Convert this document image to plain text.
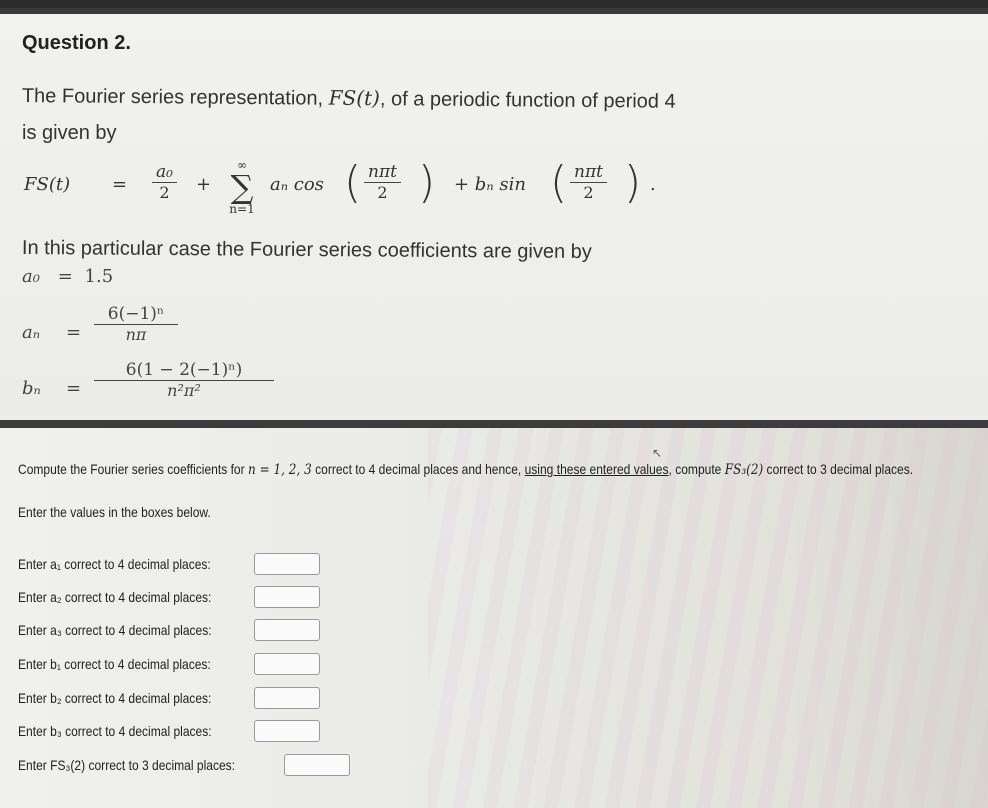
Question 2.
The Fourier series representation, FS(t), of a periodic function of period 4
is given by
$FS(t) = \frac{\text{a₀}}{2}$ +
∞
∑
n=1
aₙ cos ( nπt
2 ) + bₙ sin ( nπt
2 ) .
In this particular case the Fourier series coefficients are given by
a₀ = 1.5
$a_n = \frac{\text{6(−1)ⁿ}}{n\pi}$
$b_n = \frac{\text{6(1 − 2(−1)ⁿ)}}{\text{n²π²}}$
Compute the Fourier series coefficients for n = 1, 2, 3 correct to 4 decimal places and hence, using these entered values, compute FS₃(2) correct to 3 decimal places.
↖
Enter the values in the boxes below.
Enter a₁ correct to 4 decimal places:
Enter a₂ correct to 4 decimal places:
Enter a₃ correct to 4 decimal places:
Enter b₁ correct to 4 decimal places:
Enter b₂ correct to 4 decimal places:
Enter b₃ correct to 4 decimal places:
Enter FS₃(2) correct to 3 decimal places:
